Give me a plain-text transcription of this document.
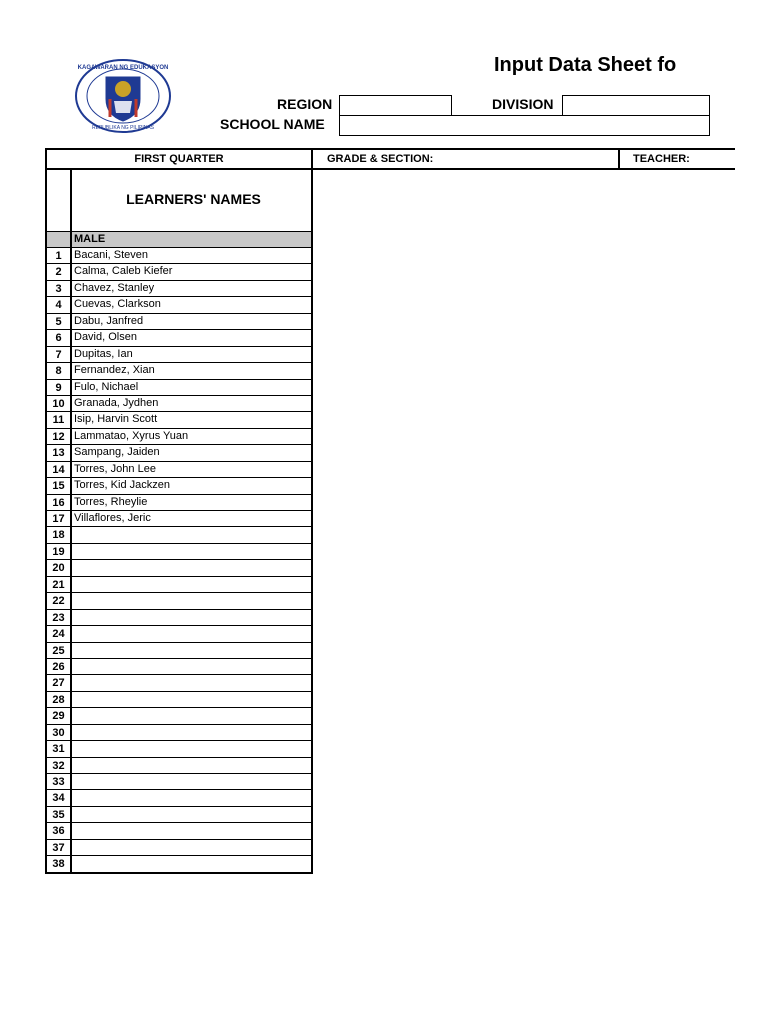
KAGAWARAN NG EDUKASYON
REPUBLIKA NG PILIPINAS
Input Data Sheet fo
REGION	DIVISION
SCHOOL NAME
FIRST QUARTER	GRADE & SECTION:	TEACHER:
LEARNERS' NAMES
MALE
1	Bacani, Steven
2	Calma, Caleb Kiefer
3	Chavez, Stanley
4	Cuevas, Clarkson
5	Dabu, Janfred
6	David, Olsen
7	Dupitas, Ian
8	Fernandez, Xian
9	Fulo, Nichael
10 Granada, Jydhen
11 Isip, Harvin Scott
12 Lammatao, Xyrus Yuan
13 Sampang, Jaiden
14 Torres, John Lee
15 Torres, Kid Jackzen
16 Torres, Rheylie
17 Villaflores, Jeric
18
19
20
21
22
23
24
25
26
27
28
29
30
31
32
33
34
35
36
37
38
